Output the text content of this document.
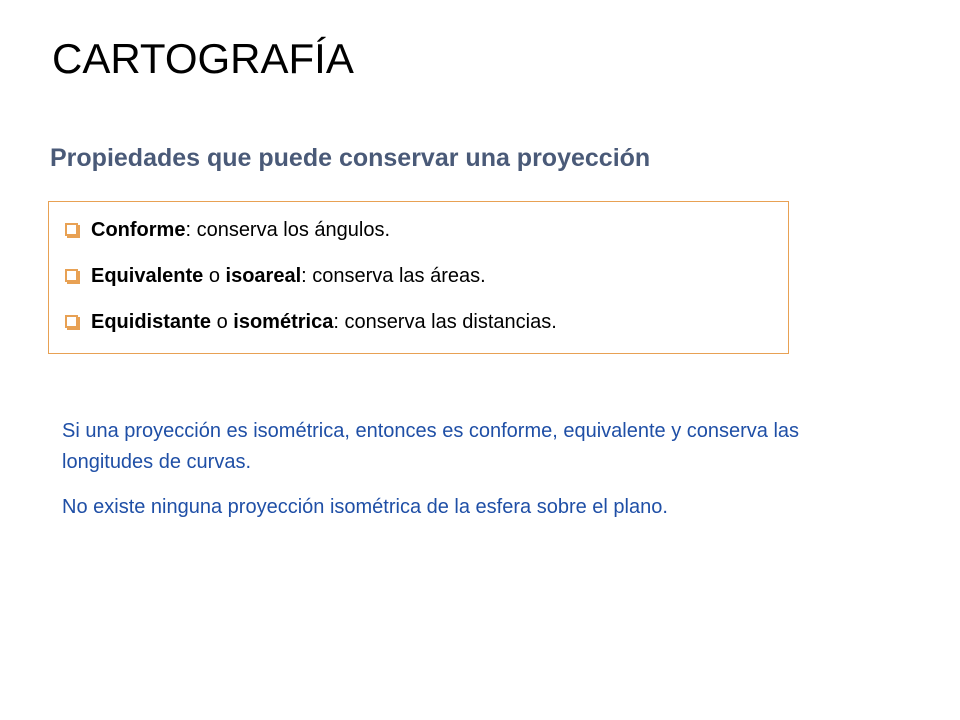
CARTOGRAFÍA
Propiedades que puede conservar una proyección
Conforme: conserva los ángulos.
Equivalente o isoareal: conserva las áreas.
Equidistante o isométrica: conserva las distancias.

Si una proyección es isométrica, entonces es conforme, equivalente y conserva las longitudes de curvas.

No existe ninguna proyección isométrica de la esfera sobre el plano.
